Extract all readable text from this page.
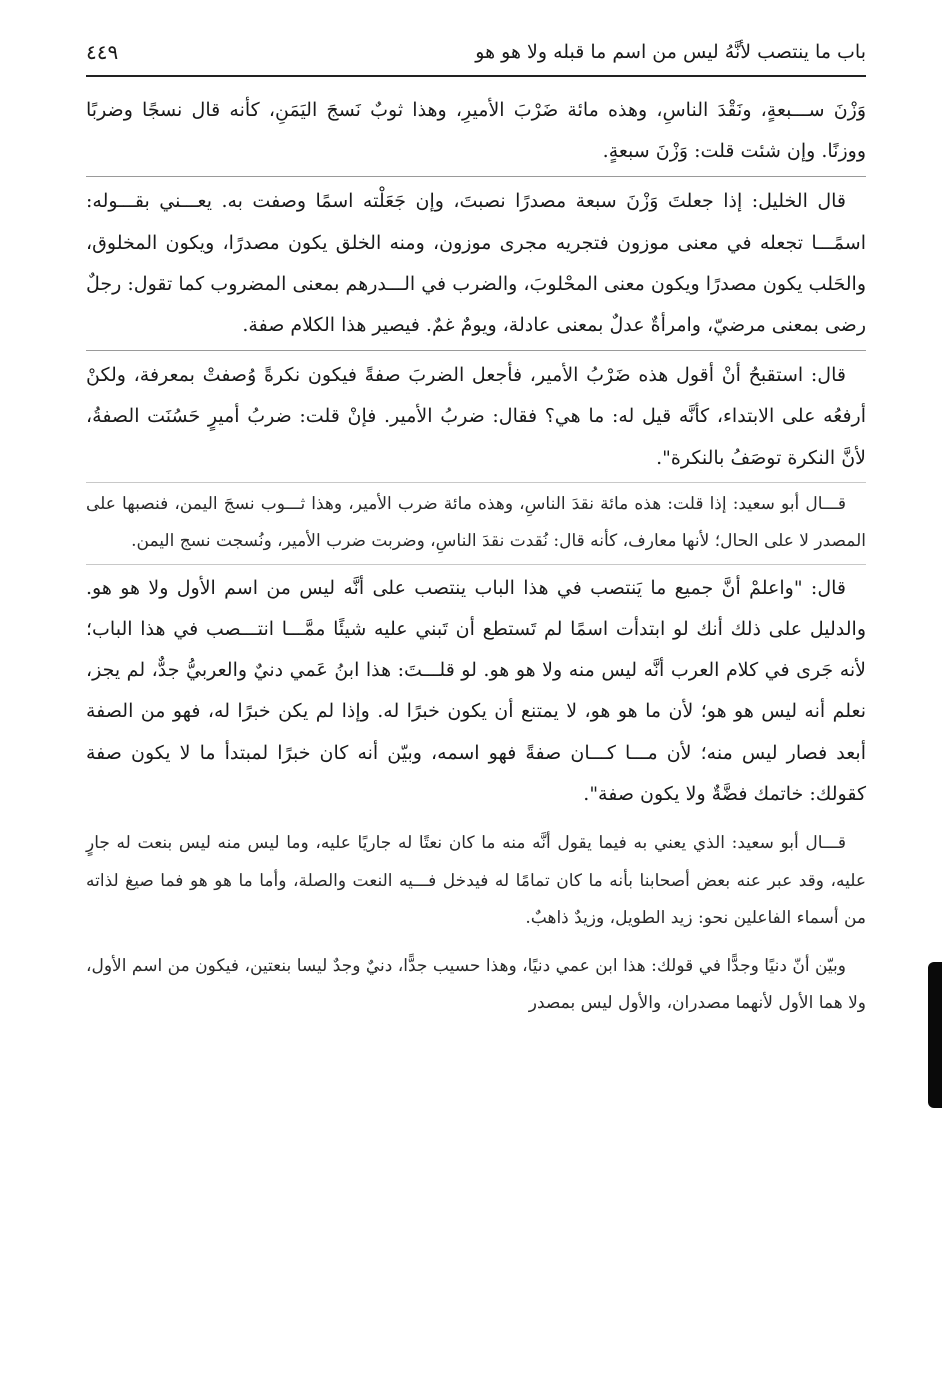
باب ما ينتصب لأنَّهُ ليس من اسم ما قبله ولا هو هو
٤٤٩

وَزْنَ ســـبعةٍ، ونَقْدَ الناسِ، وهذه مائة ضَرْبَ الأميرِ، وهذا ثوبٌ نَسجَ اليَمَنِ، كأنه قال نسجًا وضربًا ووزنًا. وإن شئت قلت: وَزْنَ سبعةٍ.

قال الخليل: إذا جعلتَ وَزْنَ سبعة مصدرًا نصبتَ، وإن جَعَلْته اسمًا وصفت به. يعـــني بقـــوله: اسمًـــا تجعله في معنى موزون فتجريه مجرى موزون، ومنه الخلق يكون مصدرًا، ويكون المخلوق، والحَلب يكون مصدرًا ويكون معنى المحْلوبَ، والضرب في الـــدرهم بمعنى المضروب كما تقول: رجلٌ رضى بمعنى مرضيّ، وامرأةٌ عدلٌ بمعنى عادلة، ويومٌ غمٌ. فيصير هذا الكلام صفة.

قال: استقبحُ أنْ أقول هذه ضَرْبُ الأمير، فأجعل الضربَ صفةً فيكون نكرةً وُصفتْ بمعرفة، ولكنْ أرفعُه على الابتداء، كأنَّه قيل له: ما هي؟ فقال: ضربُ الأمير. فإنْ قلت: ضربُ أميرٍ حَسُنَت الصفةُ، لأنَّ النكرة توصَفُ بالنكرة".

قـــال أبو سعيد: إذا قلت: هذه مائة نقدَ الناسِ، وهذه مائة ضرب الأمير، وهذا ثـــوب نسجَ اليمن، فنصبها على المصدر لا على الحال؛ لأنها معارف، كأنه قال: نُقدت نقدَ الناسِ، وضربت ضرب الأمير، ونُسجت نسج اليمن.

قال: "واعلمْ أنَّ جميع ما يَنتصب في هذا الباب ينتصب على أنَّه ليس من اسم الأول ولا هو هو. والدليل على ذلك أنك لو ابتدأت اسمًا لم تَستطع أن تَبني عليه شيئًا ممَّـــا انتـــصب في هذا الباب؛ لأنه جَرى في كلام العرب أنَّه ليس منه ولا هو هو. لو قلـــتَ: هذا ابنُ عَمي دنيٌ والعربيُّ جدٌّ، لم يجز، نعلم أنه ليس هو هو؛ لأن ما هو هو، لا يمتنع أن يكون خبرًا له. وإذا لم يكن خبرًا له، فهو من الصفة أبعد فصار ليس منه؛ لأن مـــا كـــان صفةً فهو اسمه، وبيّن أنه كان خبرًا لمبتدأ ما لا يكون صفة كقولك: خاتمك فضَّةٌ ولا يكون صفة".

قـــال أبو سعيد: الذي يعني به فيما يقول أنَّه منه ما كان نعتًا له جاريًا عليه، وما ليس منه ليس بنعت له جارٍ عليه، وقد عبر عنه بعض أصحابنا بأنه ما كان تمامًا له فيدخل فـــيه النعت والصلة، وأما ما هو هو فما صيغ لذاته من أسماء الفاعلين نحو: زيد الطويل، وزيدٌ ذاهبٌ.

وبيّن أنّ دنيًا وجدًّا في قولك: هذا ابن عمي دنيًا، وهذا حسيب جدًّا، دنيٌ وجدٌ ليسا بنعتين، فيكون من اسم الأول، ولا هما الأول لأنهما مصدران، والأول ليس بمصدر
